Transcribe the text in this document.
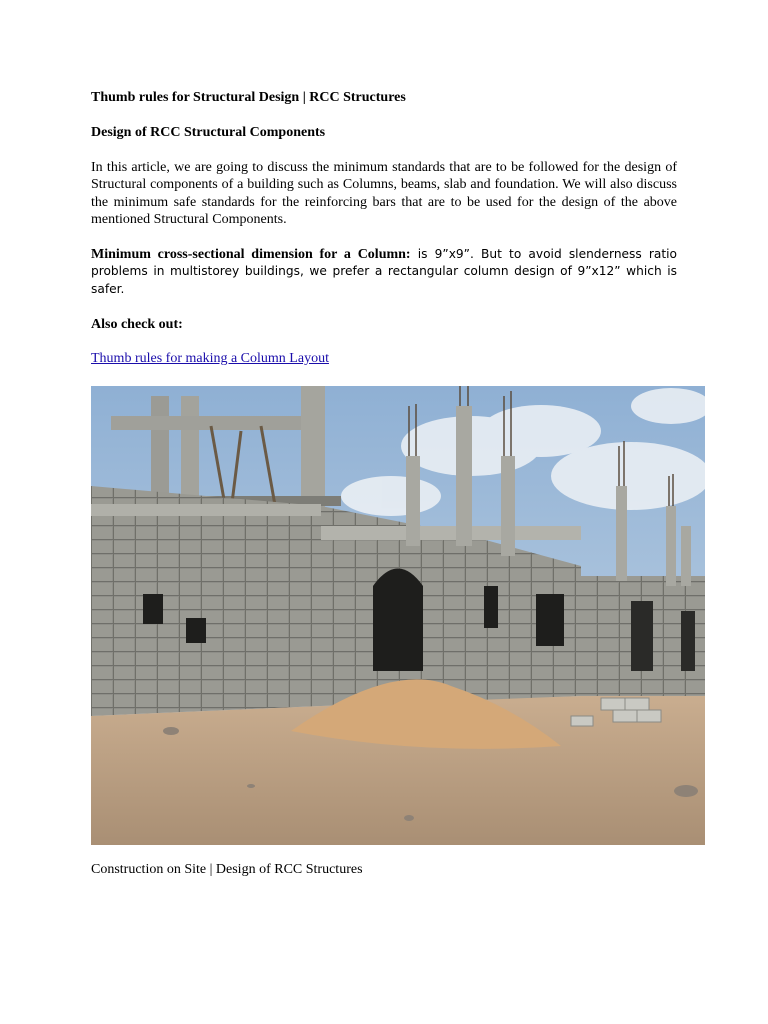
Thumb rules for Structural Design | RCC Structures
Design of RCC Structural Components

In this article, we are going to discuss the minimum standards that are to be followed for the design of Structural components of a building such as Columns, beams, slab and foundation. We will also discuss the minimum safe standards for the reinforcing bars that are to be used for the design of the above mentioned Structural Components.

Minimum cross-sectional dimension for a Column: is 9”x9”. But to avoid slenderness ratio problems in multistorey buildings, we prefer a rectangular column design of 9”x12” which is safer.

Also check out:
Thumb rules for making a Column Layout
Construction on Site | Design of RCC Structures
